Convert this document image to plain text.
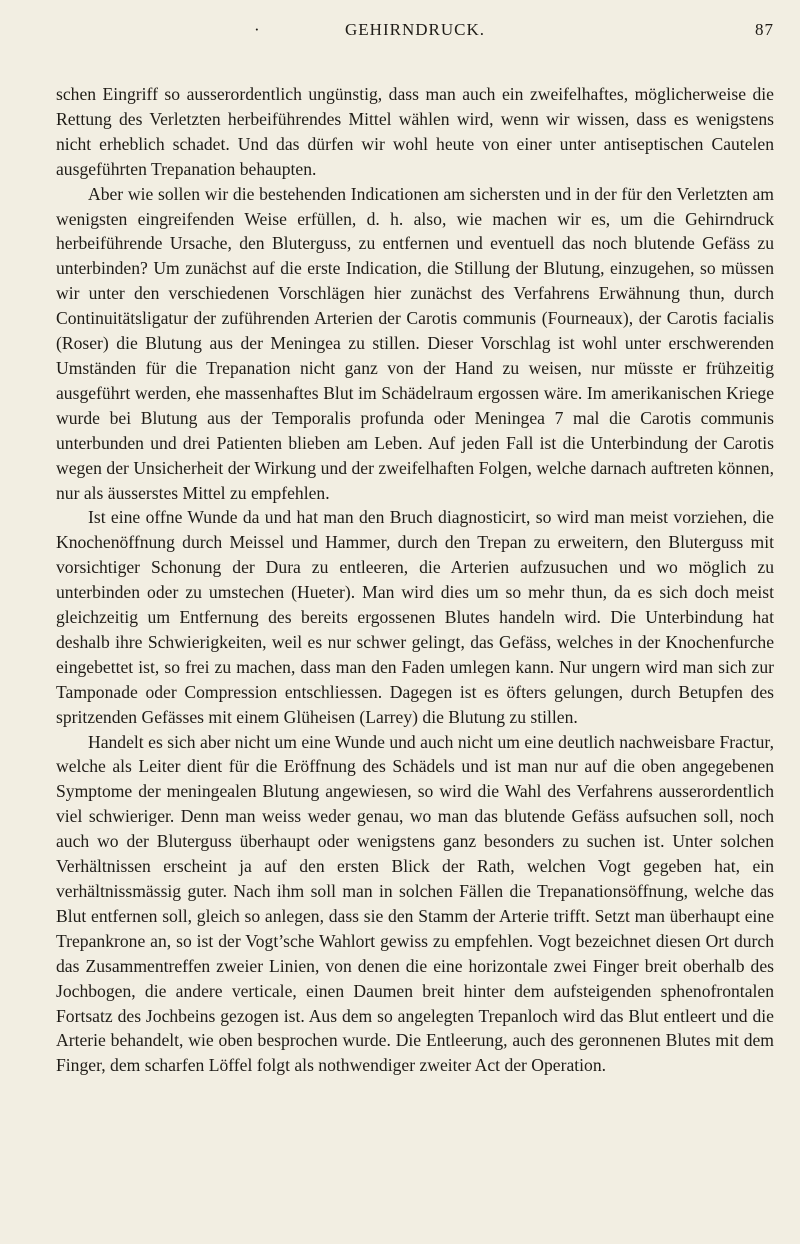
·	GEHIRNDRUCK.	87

schen Eingriff so ausserordentlich ungünstig, dass man auch ein zweifelhaftes, möglicherweise die Rettung des Verletzten herbeiführendes Mittel wählen wird, wenn wir wissen, dass es wenigstens nicht erheblich schadet. Und das dürfen wir wohl heute von einer unter antiseptischen Cautelen ausgeführten Trepanation behaupten.

Aber wie sollen wir die bestehenden Indicationen am sichersten und in der für den Verletzten am wenigsten eingreifenden Weise erfüllen, d. h. also, wie machen wir es, um die Gehirndruck herbeiführende Ursache, den Bluterguss, zu entfernen und eventuell das noch blutende Gefäss zu unterbinden? Um zunächst auf die erste Indication, die Stillung der Blutung, einzugehen, so müssen wir unter den verschiedenen Vorschlägen hier zunächst des Verfahrens Erwähnung thun, durch Continuitätsligatur der zuführenden Arterien der Carotis communis (Fourneaux), der Carotis facialis (Roser) die Blutung aus der Meningea zu stillen. Dieser Vorschlag ist wohl unter erschwerenden Umständen für die Trepanation nicht ganz von der Hand zu weisen, nur müsste er frühzeitig ausgeführt werden, ehe massenhaftes Blut im Schädelraum ergossen wäre. Im amerikanischen Kriege wurde bei Blutung aus der Temporalis profunda oder Meningea 7 mal die Carotis communis unterbunden und drei Patienten blieben am Leben. Auf jeden Fall ist die Unterbindung der Carotis wegen der Unsicherheit der Wirkung und der zweifelhaften Folgen, welche darnach auftreten können, nur als äusserstes Mittel zu empfehlen.

Ist eine offne Wunde da und hat man den Bruch diagnosticirt, so wird man meist vorziehen, die Knochenöffnung durch Meissel und Hammer, durch den Trepan zu erweitern, den Bluterguss mit vorsichtiger Schonung der Dura zu entleeren, die Arterien aufzusuchen und wo möglich zu unterbinden oder zu umstechen (Hueter). Man wird dies um so mehr thun, da es sich doch meist gleichzeitig um Entfernung des bereits ergossenen Blutes handeln wird. Die Unterbindung hat deshalb ihre Schwierigkeiten, weil es nur schwer gelingt, das Gefäss, welches in der Knochenfurche eingebettet ist, so frei zu machen, dass man den Faden umlegen kann. Nur ungern wird man sich zur Tamponade oder Compression entschliessen. Dagegen ist es öfters gelungen, durch Betupfen des spritzenden Gefässes mit einem Glüheisen (Larrey) die Blutung zu stillen.

Handelt es sich aber nicht um eine Wunde und auch nicht um eine deutlich nachweisbare Fractur, welche als Leiter dient für die Eröffnung des Schädels und ist man nur auf die oben angegebenen Symptome der meningealen Blutung angewiesen, so wird die Wahl des Verfahrens ausserordentlich viel schwieriger. Denn man weiss weder genau, wo man das blutende Gefäss aufsuchen soll, noch auch wo der Bluterguss überhaupt oder wenigstens ganz besonders zu suchen ist. Unter solchen Verhältnissen erscheint ja auf den ersten Blick der Rath, welchen Vogt gegeben hat, ein verhältnissmässig guter. Nach ihm soll man in solchen Fällen die Trepanationsöffnung, welche das Blut entfernen soll, gleich so anlegen, dass sie den Stamm der Arterie trifft. Setzt man überhaupt eine Trepankrone an, so ist der Vogt’sche Wahlort gewiss zu empfehlen. Vogt bezeichnet diesen Ort durch das Zusammentreffen zweier Linien, von denen die eine horizontale zwei Finger breit oberhalb des Jochbogen, die andere verticale, einen Daumen breit hinter dem aufsteigenden sphenofrontalen Fortsatz des Jochbeins gezogen ist. Aus dem so angelegten Trepanloch wird das Blut entleert und die Arterie behandelt, wie oben besprochen wurde. Die Entleerung, auch des geronnenen Blutes mit dem Finger, dem scharfen Löffel folgt als nothwendiger zweiter Act der Operation.
